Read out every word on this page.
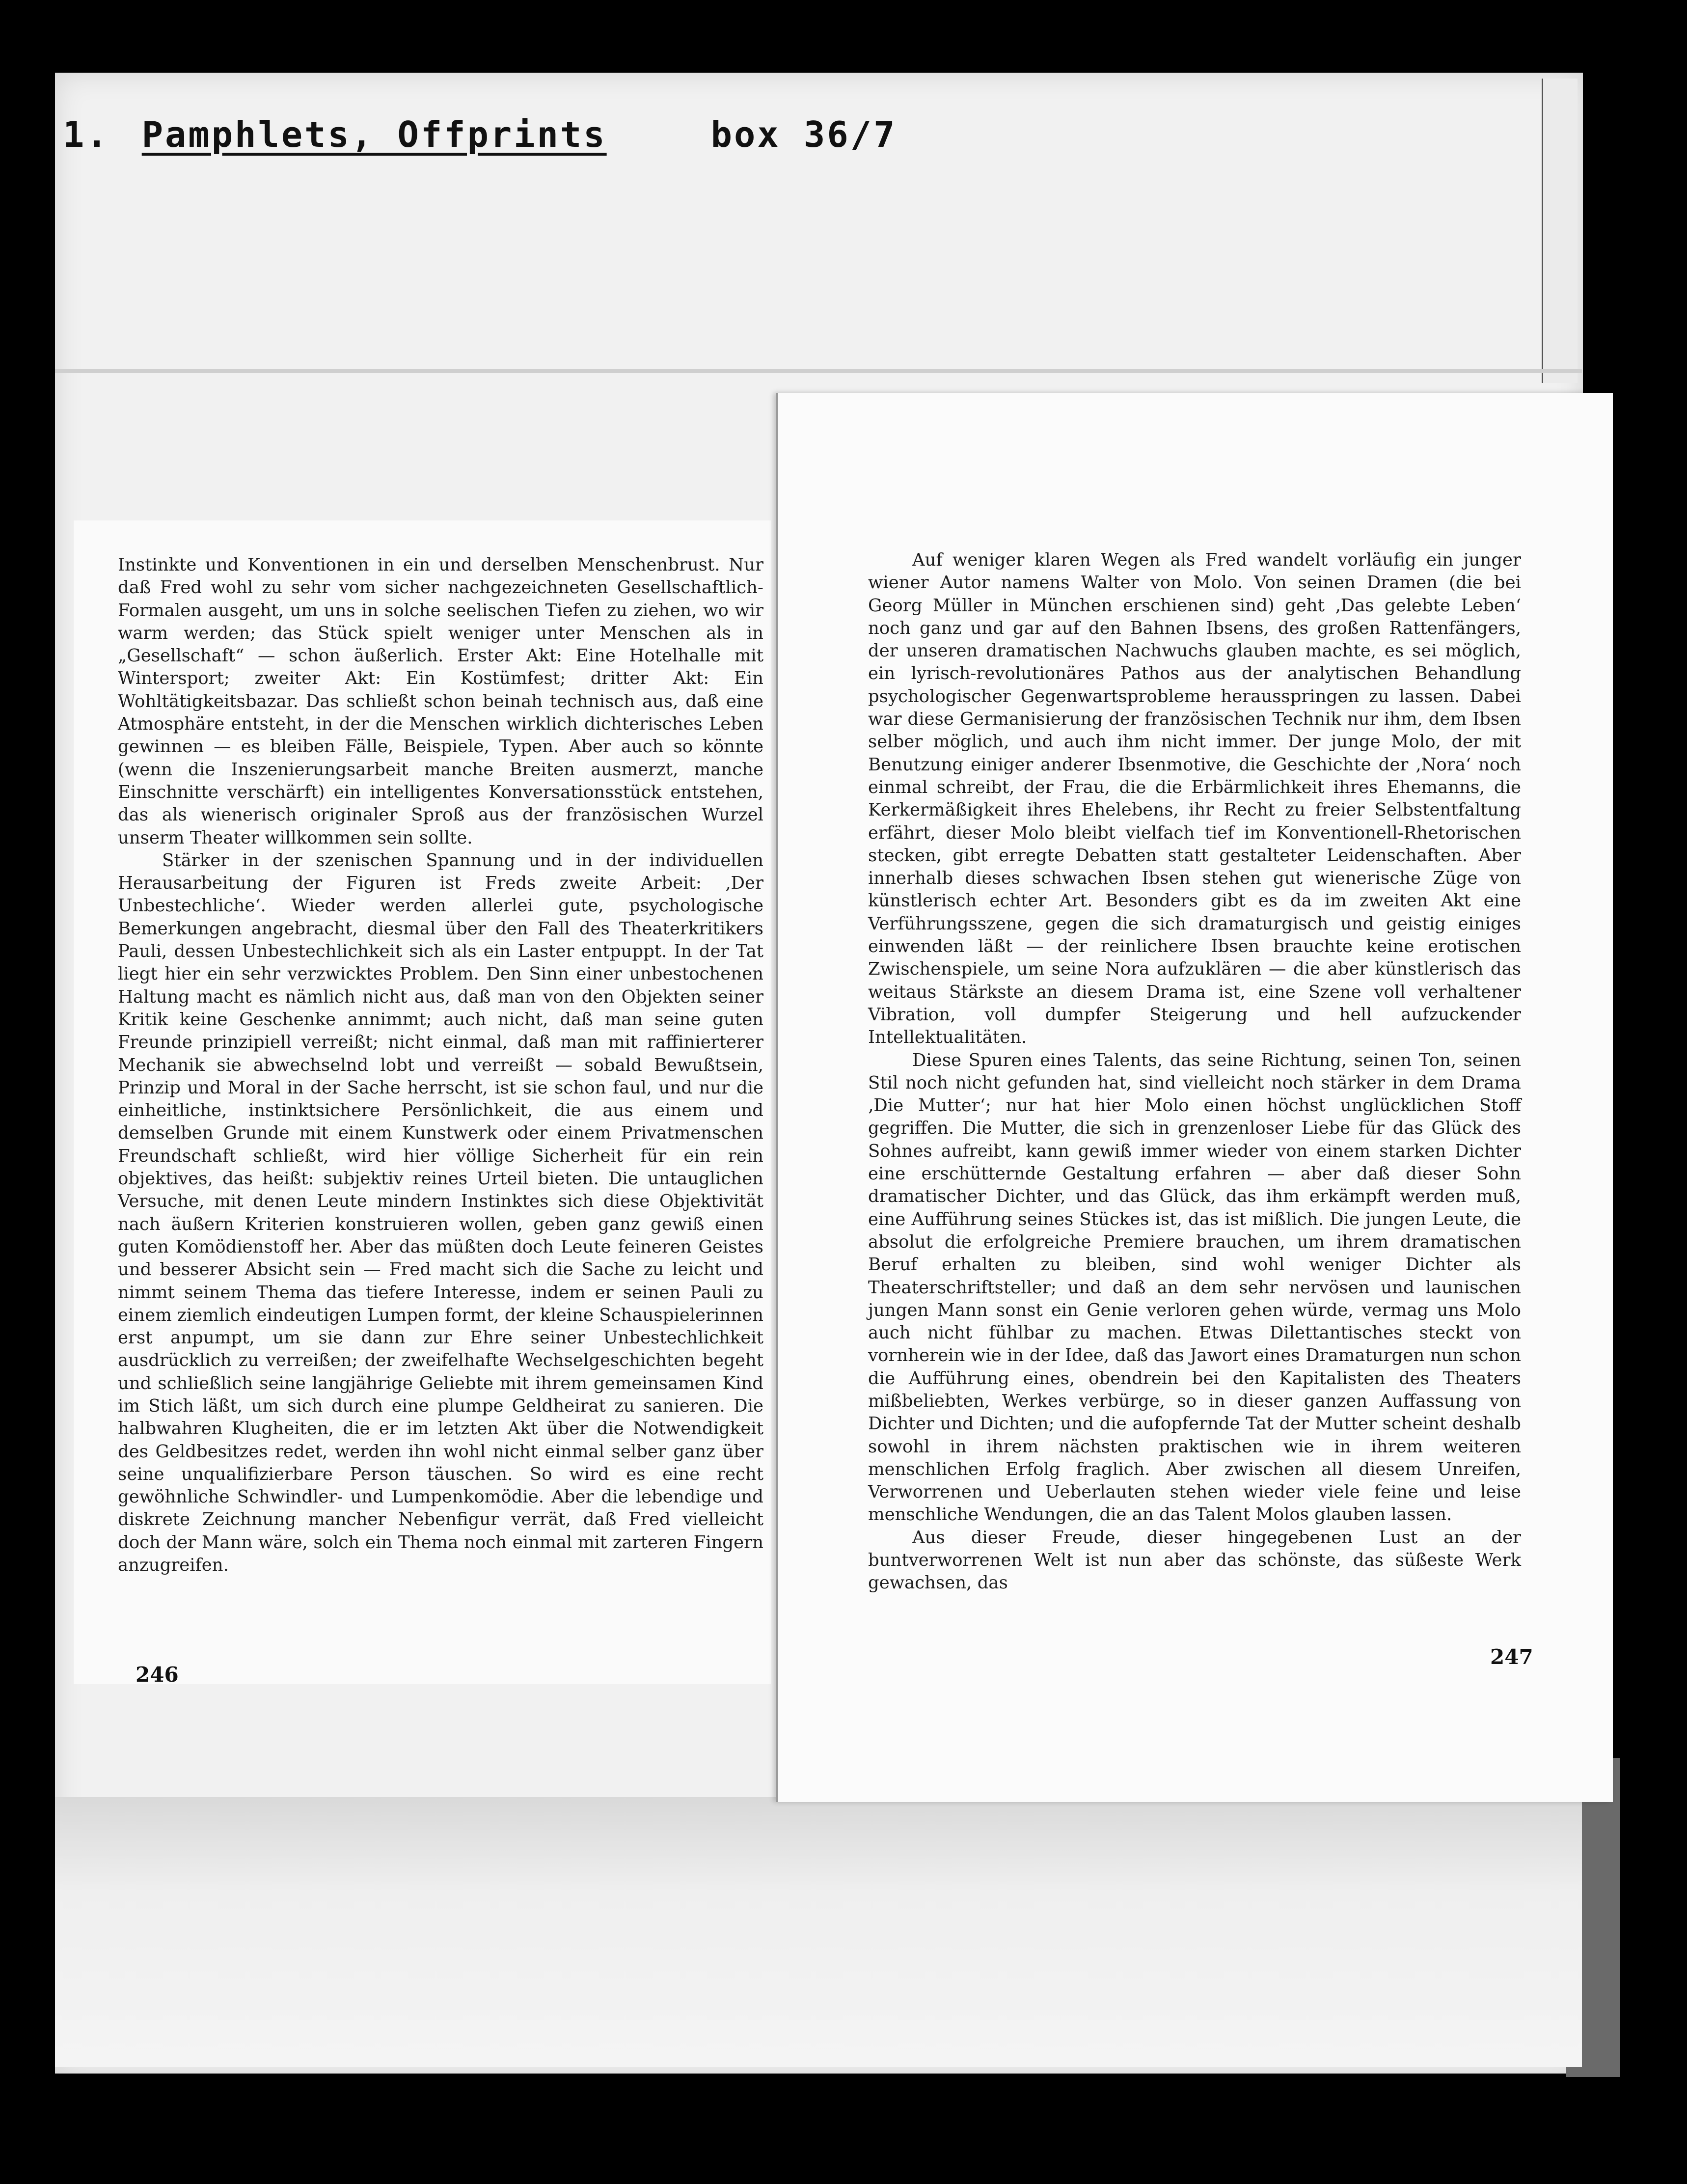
1. Pamphlets, Offprints	box 36/7

Instinkte und Konventionen in ein und derselben Menschenbrust. Nur daß Fred wohl zu sehr vom sicher nachgezeichneten Gesellschaftlich-Formalen ausgeht, um uns in solche seelischen Tiefen zu ziehen, wo wir warm werden; das Stück spielt weniger unter Menschen als in „Gesellschaft“ — schon äußerlich. Erster Akt: Eine Hotelhalle mit Wintersport; zweiter Akt: Ein Kostümfest; dritter Akt: Ein Wohltätigkeitsbazar. Das schließt schon beinah technisch aus, daß eine Atmosphäre entsteht, in der die Menschen wirklich dichterisches Leben gewinnen — es bleiben Fälle, Beispiele, Typen. Aber auch so könnte (wenn die Inszenierungsarbeit manche Breiten ausmerzt, manche Einschnitte verschärft) ein intelligentes Konversationsstück entstehen, das als wienerisch originaler Sproß aus der französischen Wurzel unserm Theater willkommen sein sollte.

Stärker in der szenischen Spannung und in der individuellen Herausarbeitung der Figuren ist Freds zweite Arbeit: ‚Der Unbestechliche‘. Wieder werden allerlei gute, psychologische Bemerkungen angebracht, diesmal über den Fall des Theaterkritikers Pauli, dessen Unbestechlichkeit sich als ein Laster entpuppt. In der Tat liegt hier ein sehr verzwicktes Problem. Den Sinn einer unbestochenen Haltung macht es nämlich nicht aus, daß man von den Objekten seiner Kritik keine Geschenke annimmt; auch nicht, daß man seine guten Freunde prinzipiell verreißt; nicht einmal, daß man mit raffinierterer Mechanik sie abwechselnd lobt und verreißt — sobald Bewußtsein, Prinzip und Moral in der Sache herrscht, ist sie schon faul, und nur die einheitliche, instinktsichere Persönlichkeit, die aus einem und demselben Grunde mit einem Kunstwerk oder einem Privatmenschen Freundschaft schließt, wird hier völlige Sicherheit für ein rein objektives, das heißt: subjektiv reines Urteil bieten. Die untauglichen Versuche, mit denen Leute mindern Instinktes sich diese Objektivität nach äußern Kriterien konstruieren wollen, geben ganz gewiß einen guten Komödienstoff her. Aber das müßten doch Leute feineren Geistes und besserer Absicht sein — Fred macht sich die Sache zu leicht und nimmt seinem Thema das tiefere Interesse, indem er seinen Pauli zu einem ziemlich eindeutigen Lumpen formt, der kleine Schauspielerinnen erst anpumpt, um sie dann zur Ehre seiner Unbestechlichkeit ausdrücklich zu verreißen; der zweifelhafte Wechselgeschichten begeht und schließlich seine langjährige Geliebte mit ihrem gemeinsamen Kind im Stich läßt, um sich durch eine plumpe Geldheirat zu sanieren. Die halbwahren Klugheiten, die er im letzten Akt über die Notwendigkeit des Geldbesitzes redet, werden ihn wohl nicht einmal selber ganz über seine unqualifizierbare Person täuschen. So wird es eine recht gewöhnliche Schwindler- und Lumpenkomödie. Aber die lebendige und diskrete Zeichnung mancher Nebenfigur verrät, daß Fred vielleicht doch der Mann wäre, solch ein Thema noch einmal mit zarteren Fingern anzugreifen.

246

Auf weniger klaren Wegen als Fred wandelt vorläufig ein junger wiener Autor namens Walter von Molo. Von seinen Dramen (die bei Georg Müller in München erschienen sind) geht ‚Das gelebte Leben‘ noch ganz und gar auf den Bahnen Ibsens, des großen Rattenfängers, der unseren dramatischen Nachwuchs glauben machte, es sei möglich, ein lyrisch-revolutionäres Pathos aus der analytischen Behandlung psychologischer Gegenwartsprobleme herausspringen zu lassen. Dabei war diese Germanisierung der französischen Technik nur ihm, dem Ibsen selber möglich, und auch ihm nicht immer. Der junge Molo, der mit Benutzung einiger anderer Ibsenmotive, die Geschichte der ‚Nora‘ noch einmal schreibt, der Frau, die die Erbärmlichkeit ihres Ehemanns, die Kerkermäßigkeit ihres Ehelebens, ihr Recht zu freier Selbstentfaltung erfährt, dieser Molo bleibt vielfach tief im Konventionell-Rhetorischen stecken, gibt erregte Debatten statt gestalteter Leidenschaften. Aber innerhalb dieses schwachen Ibsen stehen gut wienerische Züge von künstlerisch echter Art. Besonders gibt es da im zweiten Akt eine Verführungsszene, gegen die sich dramaturgisch und geistig einiges einwenden läßt — der reinlichere Ibsen brauchte keine erotischen Zwischenspiele, um seine Nora aufzuklären — die aber künstlerisch das weitaus Stärkste an diesem Drama ist, eine Szene voll verhaltener Vibration, voll dumpfer Steigerung und hell aufzuckender Intellektualitäten.

Diese Spuren eines Talents, das seine Richtung, seinen Ton, seinen Stil noch nicht gefunden hat, sind vielleicht noch stärker in dem Drama ‚Die Mutter‘; nur hat hier Molo einen höchst unglücklichen Stoff gegriffen. Die Mutter, die sich in grenzenloser Liebe für das Glück des Sohnes aufreibt, kann gewiß immer wieder von einem starken Dichter eine erschütternde Gestaltung erfahren — aber daß dieser Sohn dramatischer Dichter, und das Glück, das ihm erkämpft werden muß, eine Aufführung seines Stückes ist, das ist mißlich. Die jungen Leute, die absolut die erfolgreiche Premiere brauchen, um ihrem dramatischen Beruf erhalten zu bleiben, sind wohl weniger Dichter als Theaterschriftsteller; und daß an dem sehr nervösen und launischen jungen Mann sonst ein Genie verloren gehen würde, vermag uns Molo auch nicht fühlbar zu machen. Etwas Dilettantisches steckt von vornherein wie in der Idee, daß das Jawort eines Dramaturgen nun schon die Aufführung eines, obendrein bei den Kapitalisten des Theaters mißbeliebten, Werkes verbürge, so in dieser ganzen Auffassung von Dichter und Dichten; und die aufopfernde Tat der Mutter scheint deshalb sowohl in ihrem nächsten praktischen wie in ihrem weiteren menschlichen Erfolg fraglich. Aber zwischen all diesem Unreifen, Verworrenen und Ueberlauten stehen wieder viele feine und leise menschliche Wendungen, die an das Talent Molos glauben lassen.

Aus dieser Freude, dieser hingegebenen Lust an der buntverworrenen Welt ist nun aber das schönste, das süßeste Werk gewachsen, das

247
